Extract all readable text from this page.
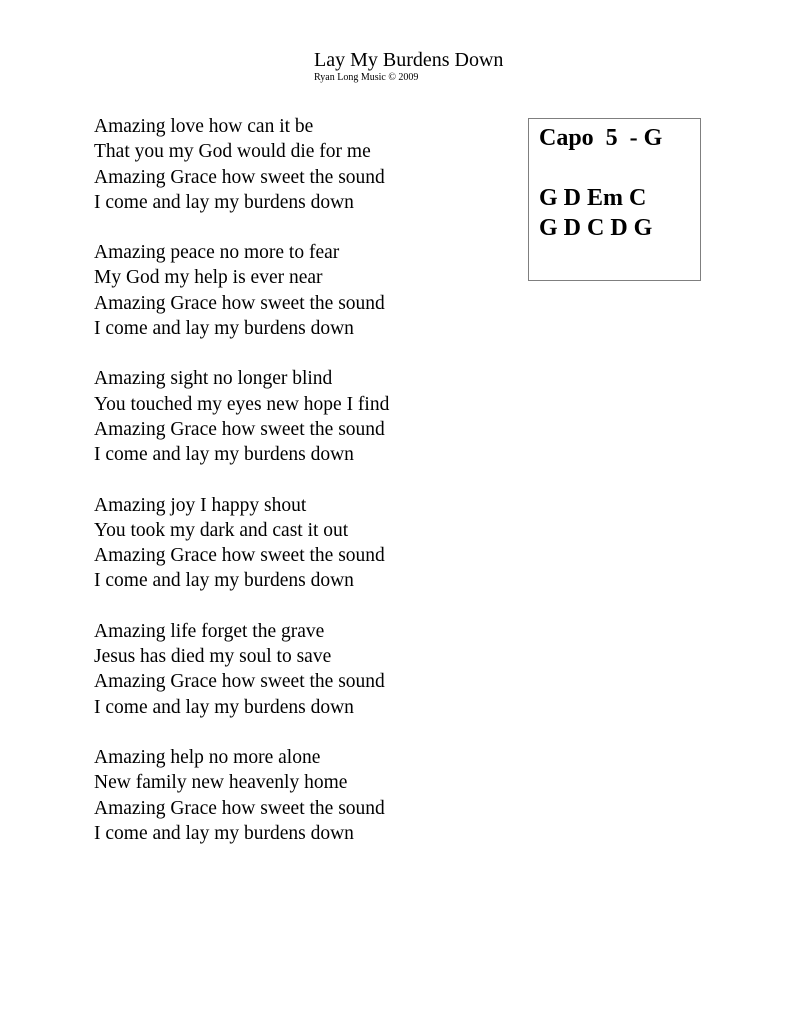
Lay My Burdens Down
Ryan Long Music © 2009
Amazing love how can it be
That you my God would die for me
Amazing Grace how sweet the sound
I come and lay my burdens down
Amazing peace no more to fear
My God my help is ever near
Amazing Grace how sweet the sound
I come and lay my burdens down
Amazing sight no longer blind
You touched my eyes new hope I find
Amazing Grace how sweet the sound
I come and lay my burdens down
Amazing joy I happy shout
You took my dark and cast it out
Amazing Grace how sweet the sound
I come and lay my burdens down
Amazing life forget the grave
Jesus has died my soul to save
Amazing Grace how sweet the sound
I come and lay my burdens down
Amazing help no more alone
New family new heavenly home
Amazing Grace how sweet the sound
I come and lay my burdens down
Capo  5  - G
G D Em C
G D C D G
